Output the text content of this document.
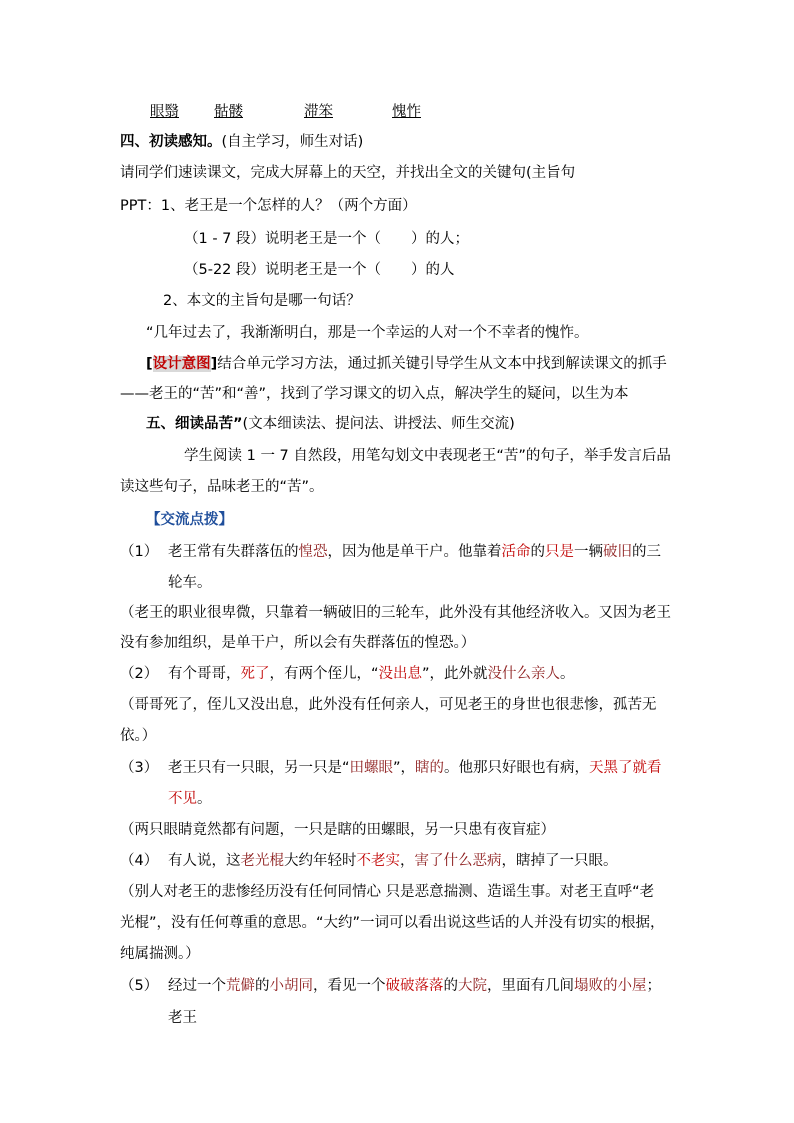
眼翳 骷髅	滞笨	愧怍
四、初读感知。(自主学习，师生对话)
请同学们速读课文，完成大屏幕上的天空，并找出全文的关键句(主旨句
PPT：1、老王是一个怎样的人？（两个方面）
（1 - 7 段）说明老王是一个（ ）的人；
（5-22 段）说明老王是一个（ ）的人
2、本文的主旨句是哪一句话？
“几年过去了，我渐渐明白，那是一个幸运的人对一个不幸者的愧怍。
[设计意图]结合单元学习方法，通过抓关键引导学生从文本中找到解读课文的抓手
——老王的“苦”和“善”，找到了学习课文的切入点，解决学生的疑问，以生为本
五、细读品苦”(文本细读法、提问法、讲授法、师生交流)
学生阅读 1 一 7 自然段，用笔勾划文中表现老王“苦”的句子，举手发言后品
读这些句子，品味老王的“苦”。
【交流点拨】
（1） 老王常有失群落伍的惶恐，因为他是单干户。他靠着活命的只是一辆破旧的三
轮车。
（老王的职业很卑微，只靠着一辆破旧的三轮车，此外没有其他经济收入。又因为老王
没有参加组织，是单干户，所以会有失群落伍的惶恐。）
（2） 有个哥哥，死了，有两个侄儿，“没出息”，此外就没什么亲人。
（哥哥死了，侄儿又没出息，此外没有任何亲人，可见老王的身世也很悲惨，孤苦无
依。）
（3） 老王只有一只眼，另一只是“田螺眼”，瞎的。他那只好眼也有病，天黑了就看
不见。
（两只眼睛竟然都有问题，一只是瞎的田螺眼，另一只患有夜盲症）
（4） 有人说，这老光棍大约年轻时不老实，害了什么恶病，瞎掉了一只眼。
（别人对老王的悲惨经历没有任何同情心 只是恶意揣测、造谣生事。对老王直呼“老
光棍”，没有任何尊重的意思。“大约”一词可以看出说这些话的人并没有切实的根据，
纯属揣测。）
（5） 经过一个荒僻的小胡同，看见一个破破落落的大院，里面有几间塌败的小屋；
老王
